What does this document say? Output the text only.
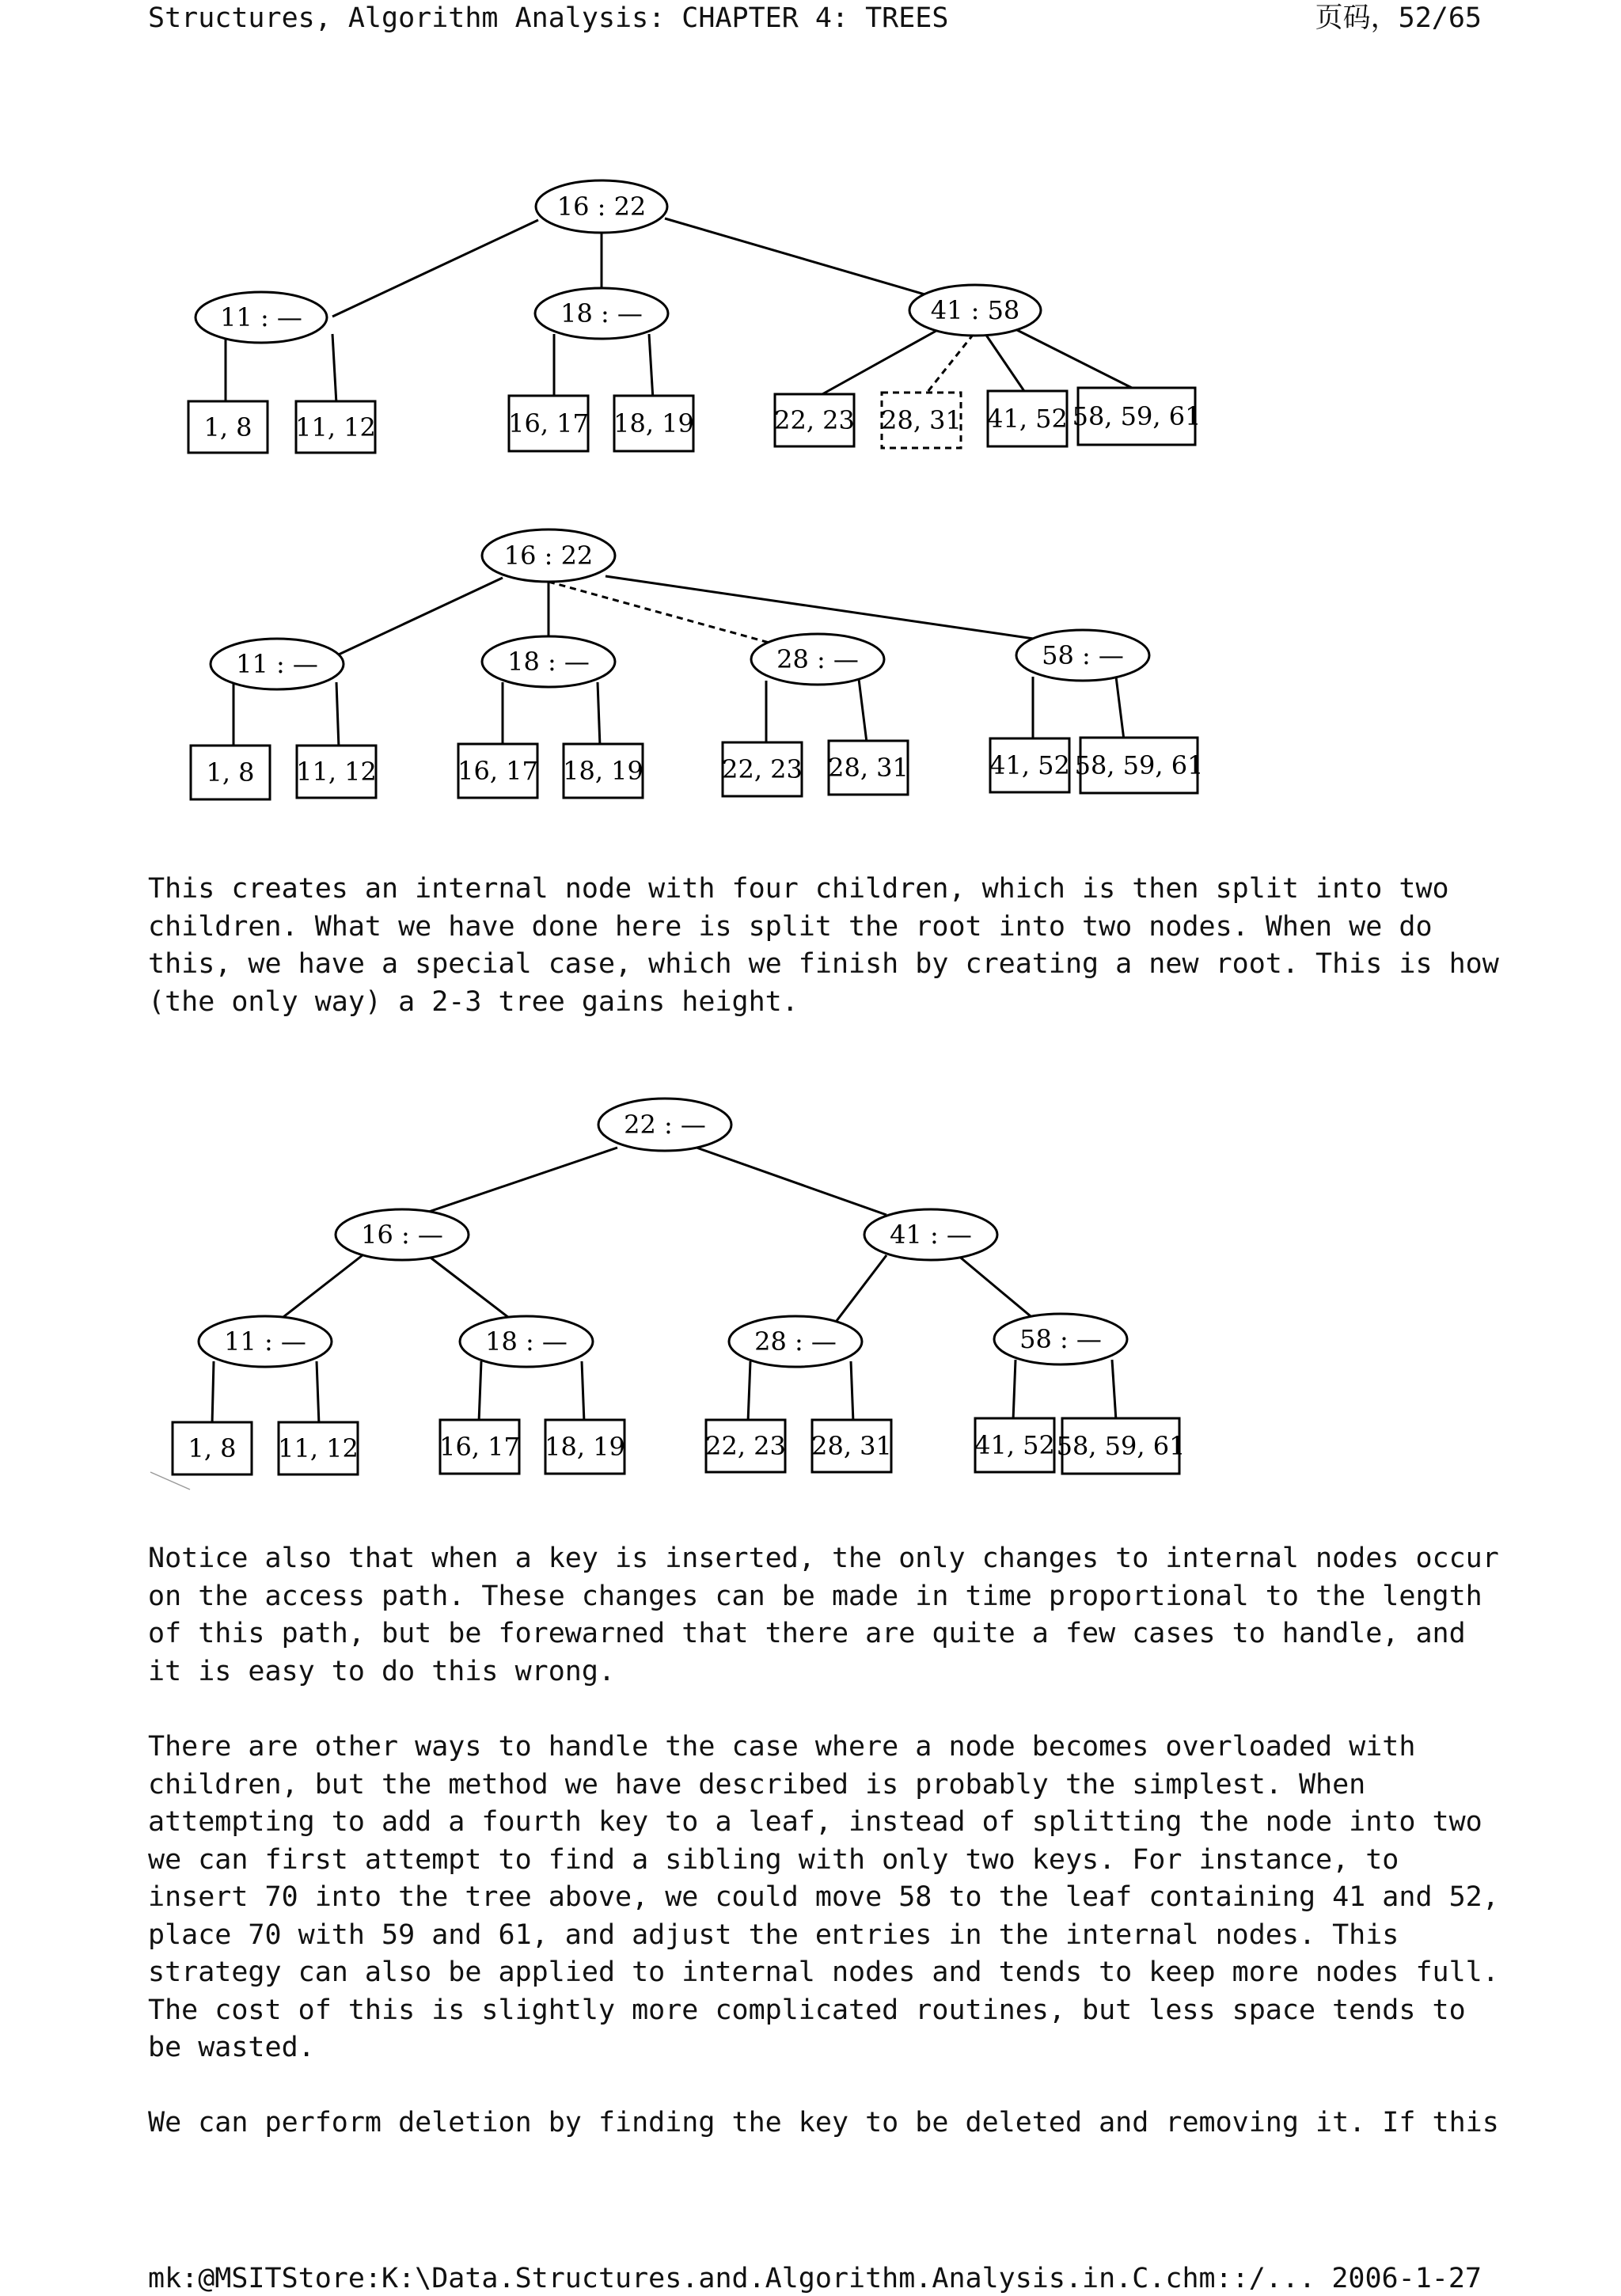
Structures, Algorithm Analysis: CHAPTER 4: TREES	页码，52/65
16 : 22
11 : —	18 : —	41 : 58
1, 8 11, 12	16, 17 18, 19	22, 23 28, 31 41, 52 58, 59, 61
16 : 22
11 : —	18 : —	28 : —	58 : —
1, 8 11, 12	16, 17 18, 19	22, 23 28, 31	41, 52 58, 59, 61

This creates an internal node with four children, which is then split into two
children. What we have done here is split the root into two nodes. When we do
this, we have a special case, which we finish by creating a new root. This is how
(the only way) a 2-3 tree gains height.

22 : —
16 : —	41 : —
11 : —	18 : —	28 : —	58 : —
1, 8 11, 12	16, 17 18, 19	22, 23 28, 31	41, 52 58, 59, 61

Notice also that when a key is inserted, the only changes to internal nodes occur
on the access path. These changes can be made in time proportional to the length
of this path, but be forewarned that there are quite a few cases to handle, and
it is easy to do this wrong.

There are other ways to handle the case where a node becomes overloaded with
children, but the method we have described is probably the simplest. When
attempting to add a fourth key to a leaf, instead of splitting the node into two
we can first attempt to find a sibling with only two keys. For instance, to
insert 70 into the tree above, we could move 58 to the leaf containing 41 and 52,
place 70 with 59 and 61, and adjust the entries in the internal nodes. This
strategy can also be applied to internal nodes and tends to keep more nodes full.
The cost of this is slightly more complicated routines, but less space tends to
be wasted.

We can perform deletion by finding the key to be deleted and removing it. If this

mk:@MSITStore:K:\Data.Structures.and.Algorithm.Analysis.in.C.chm::/... 2006-1-27
